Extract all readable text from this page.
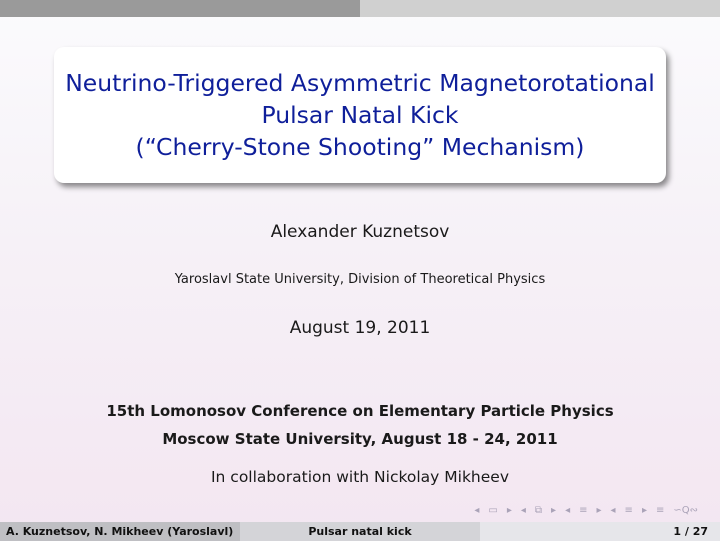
Neutrino-Triggered Asymmetric Magnetorotational
Pulsar Natal Kick
(“Cherry-Stone Shooting” Mechanism)
Alexander Kuznetsov
Yaroslavl State University, Division of Theoretical Physics
August 19, 2011
15th Lomonosov Conference on Elementary Particle Physics
Moscow State University, August 18 - 24, 2011
In collaboration with Nickolay Mikheev
◂ ▭ ▸ ◂ ⧉ ▸ ◂ ≡ ▸ ◂ ≡ ▸ ≡ ∽Q∾
A. Kuznetsov, N. Mikheev (Yaroslavl)	Pulsar natal kick	1 / 27
